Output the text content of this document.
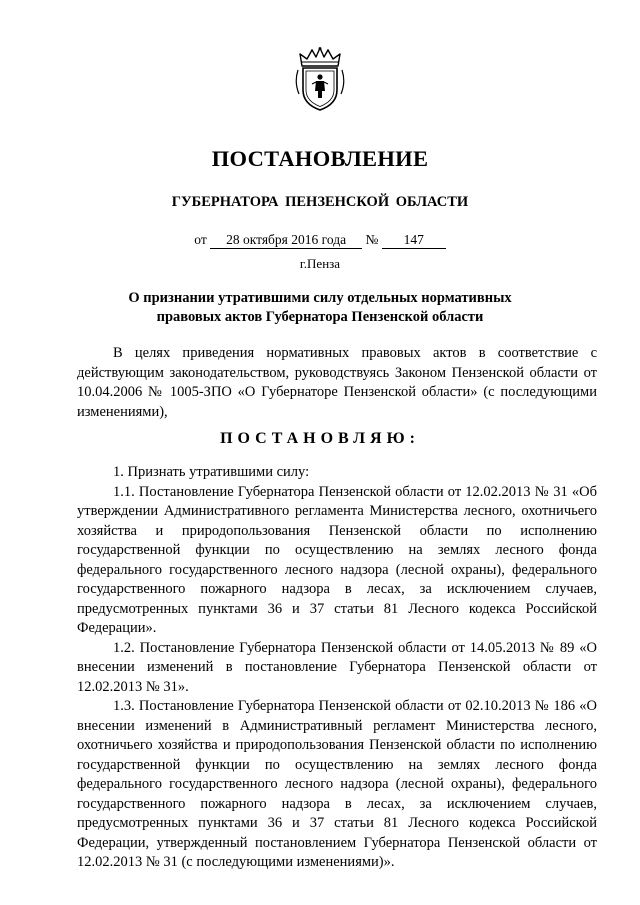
ПОСТАНОВЛЕНИЕ
ГУБЕРНАТОРА ПЕНЗЕНСКОЙ ОБЛАСТИ
от 28 октября 2016 года № 147
г.Пенза
О признании утратившими силу отдельных нормативных
правовых актов Губернатора Пензенской области

В целях приведения нормативных правовых актов в соответствие с действующим законодательством, руководствуясь Законом Пензенской области от 10.04.2006 № 1005-ЗПО «О Губернаторе Пензенской области» (с последующими изменениями),

ПОСТАНОВЛЯЮ:

1. Признать утратившими силу:

1.1. Постановление Губернатора Пензенской области от 12.02.2013 № 31 «Об утверждении Административного регламента Министерства лесного, охотничьего хозяйства и природопользования Пензенской области по исполнению государственной функции по осуществлению на землях лесного фонда федерального государственного лесного надзора (лесной охраны), федерального государственного пожарного надзора в лесах, за исключением случаев, предусмотренных пунктами 36 и 37 статьи 81 Лесного кодекса Российской Федерации».

1.2. Постановление Губернатора Пензенской области от 14.05.2013 № 89 «О внесении изменений в постановление Губернатора Пензенской области от 12.02.2013 № 31».

1.3. Постановление Губернатора Пензенской области от 02.10.2013 № 186 «О внесении изменений в Административный регламент Министерства лесного, охотничьего хозяйства и природопользования Пензенской области по исполнению государственной функции по осуществлению на землях лесного фонда федерального государственного лесного надзора (лесной охраны), федерального государственного пожарного надзора в лесах, за исключением случаев, предусмотренных пунктами 36 и 37 статьи 81 Лесного кодекса Российской Федерации, утвержденный постановлением Губернатора Пензенской области от 12.02.2013 № 31 (с последующими изменениями)».
